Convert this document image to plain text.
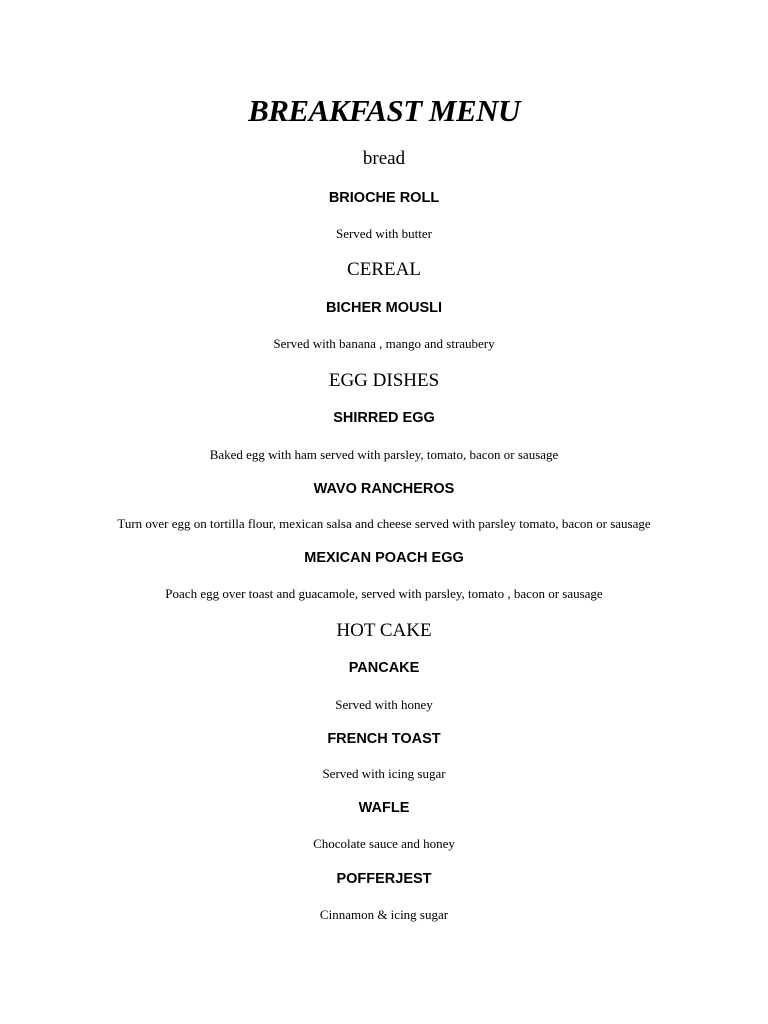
BREAKFAST MENU
bread
BRIOCHE ROLL
Served with butter
CEREAL
BICHER MOUSLI
Served with banana , mango and straubery
EGG DISHES
SHIRRED EGG
Baked egg with ham served with parsley, tomato, bacon or sausage
WAVO RANCHEROS
Turn over egg on tortilla flour, mexican salsa and cheese served with parsley tomato, bacon or sausage
MEXICAN POACH EGG
Poach egg over toast and guacamole, served with parsley, tomato , bacon or sausage
HOT CAKE
PANCAKE
Served with honey
FRENCH TOAST
Served with icing sugar
WAFLE
Chocolate sauce and honey
POFFERJEST
Cinnamon & icing sugar
